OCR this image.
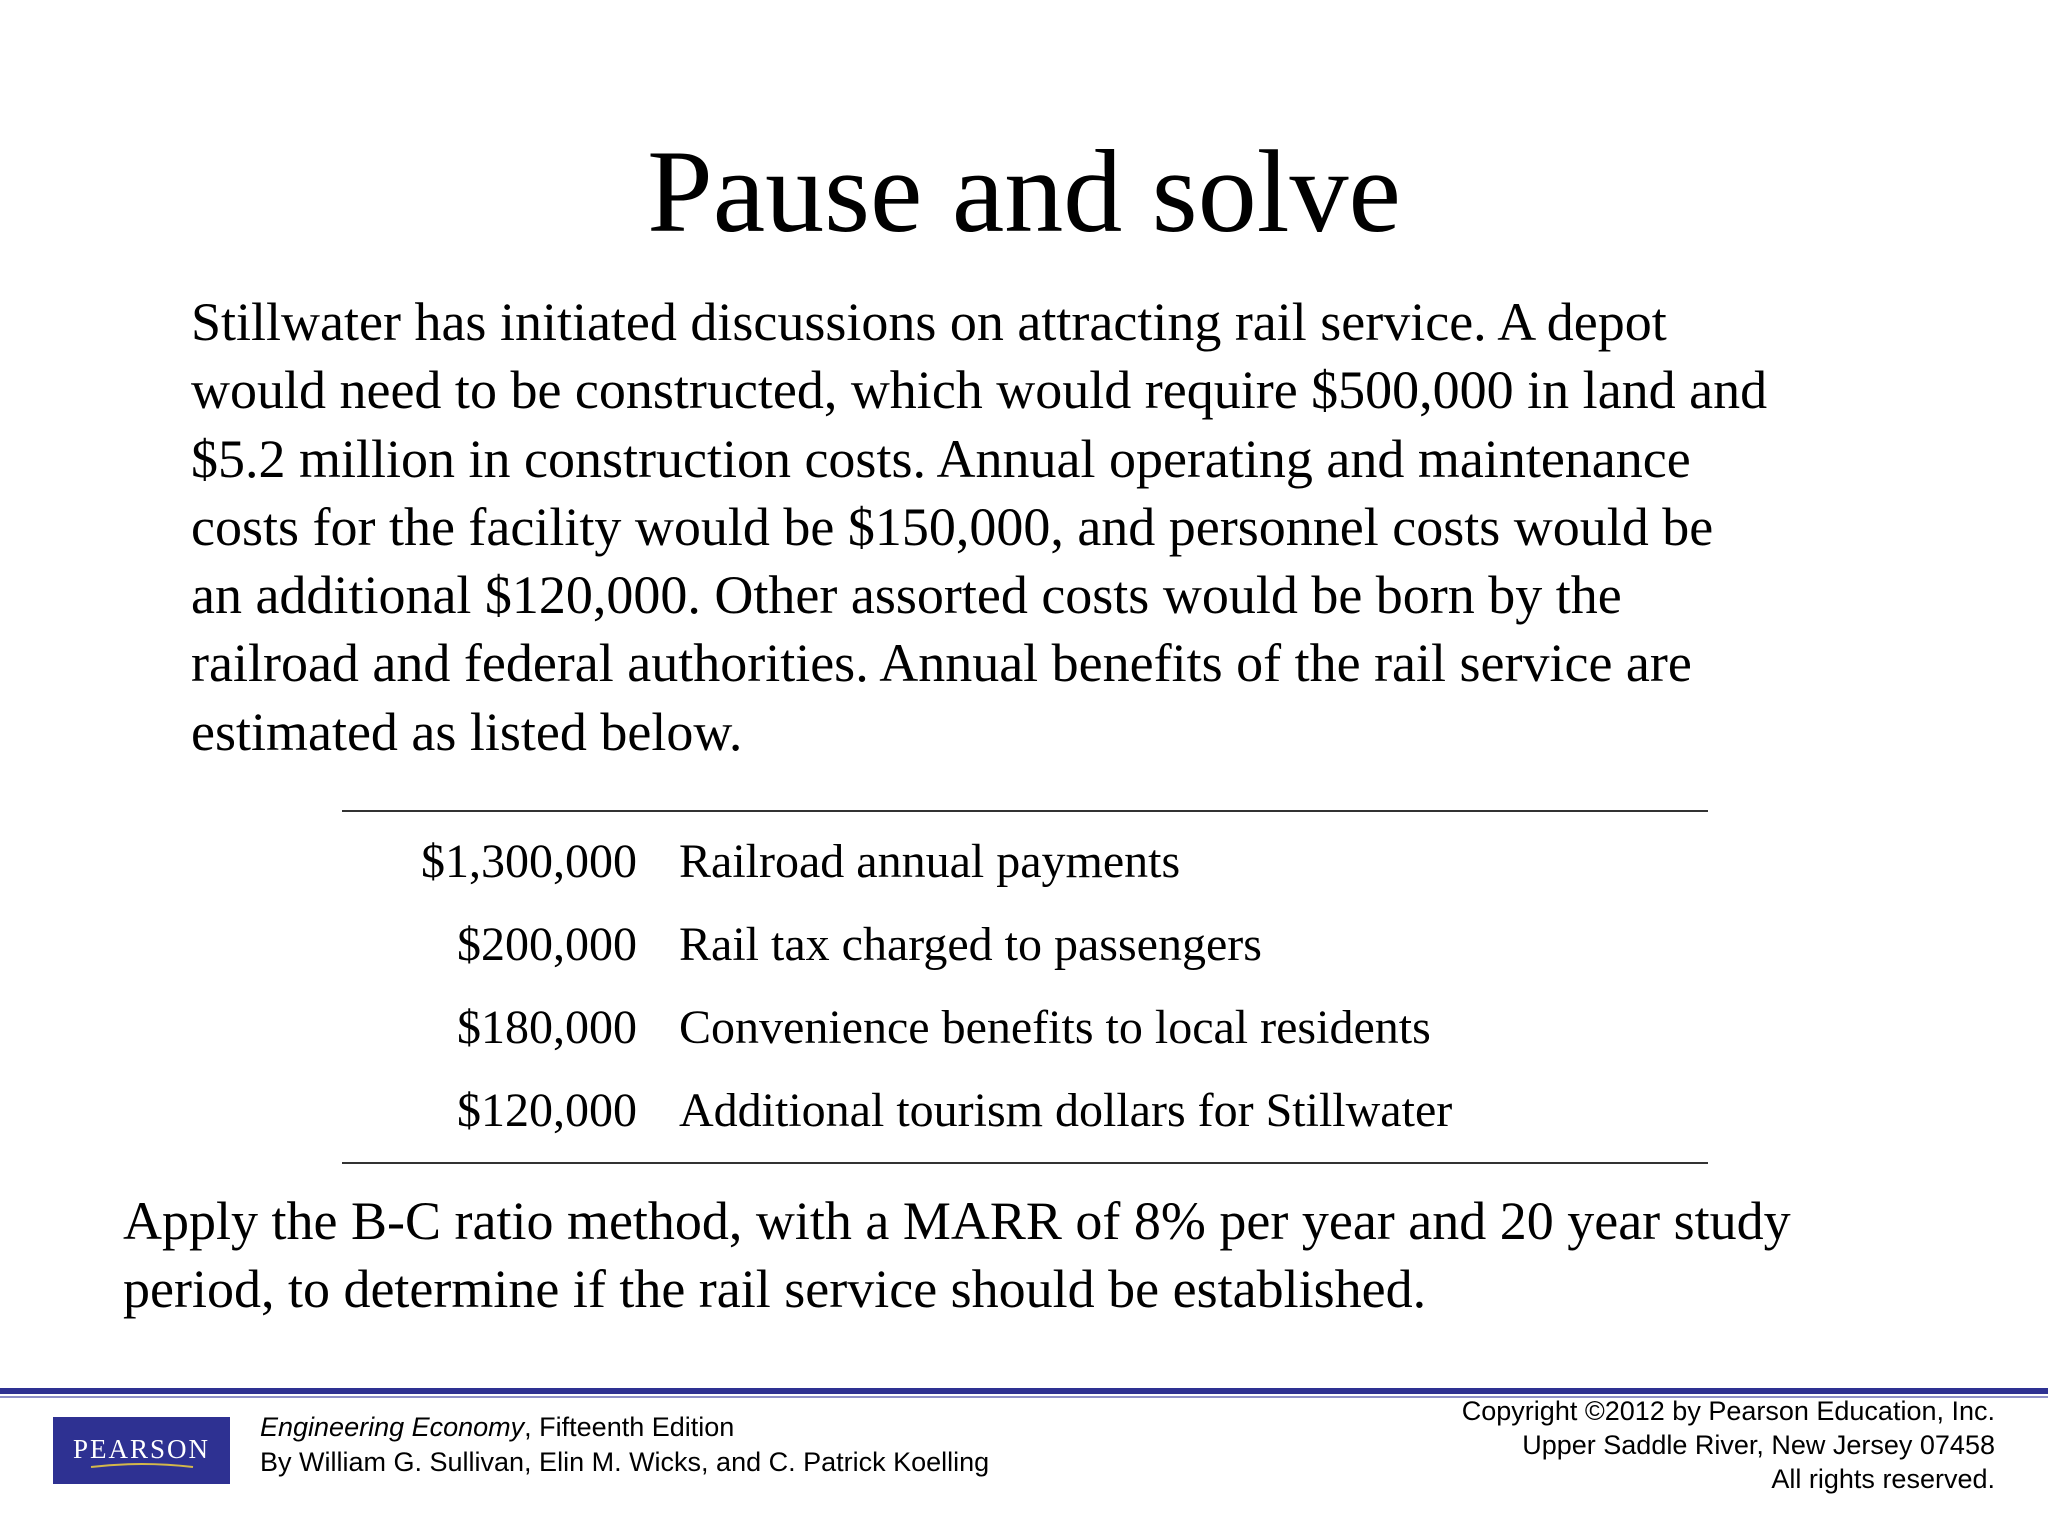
Pause and solve

Stillwater has initiated discussions on attracting rail service. A depot
would need to be constructed, which would require $500,000 in land and
$5.2 million in construction costs. Annual operating and maintenance
costs for the facility would be $150,000, and personnel costs would be
an additional $120,000. Other assorted costs would be born by the
railroad and federal authorities. Annual benefits of the rail service are
estimated as listed below.

$1,300,000 Railroad annual payments
$200,000 Rail tax charged to passengers
$180,000 Convenience benefits to local residents
$120,000 Additional tourism dollars for Stillwater

Apply the B-C ratio method, with a MARR of 8% per year and 20 year study
period, to determine if the rail service should be established.

PEARSON
Engineering Economy, Fifteenth Edition
By William G. Sullivan, Elin M. Wicks, and C. Patrick Koelling
Copyright ©2012 by Pearson Education, Inc.
Upper Saddle River, New Jersey 07458
All rights reserved.
